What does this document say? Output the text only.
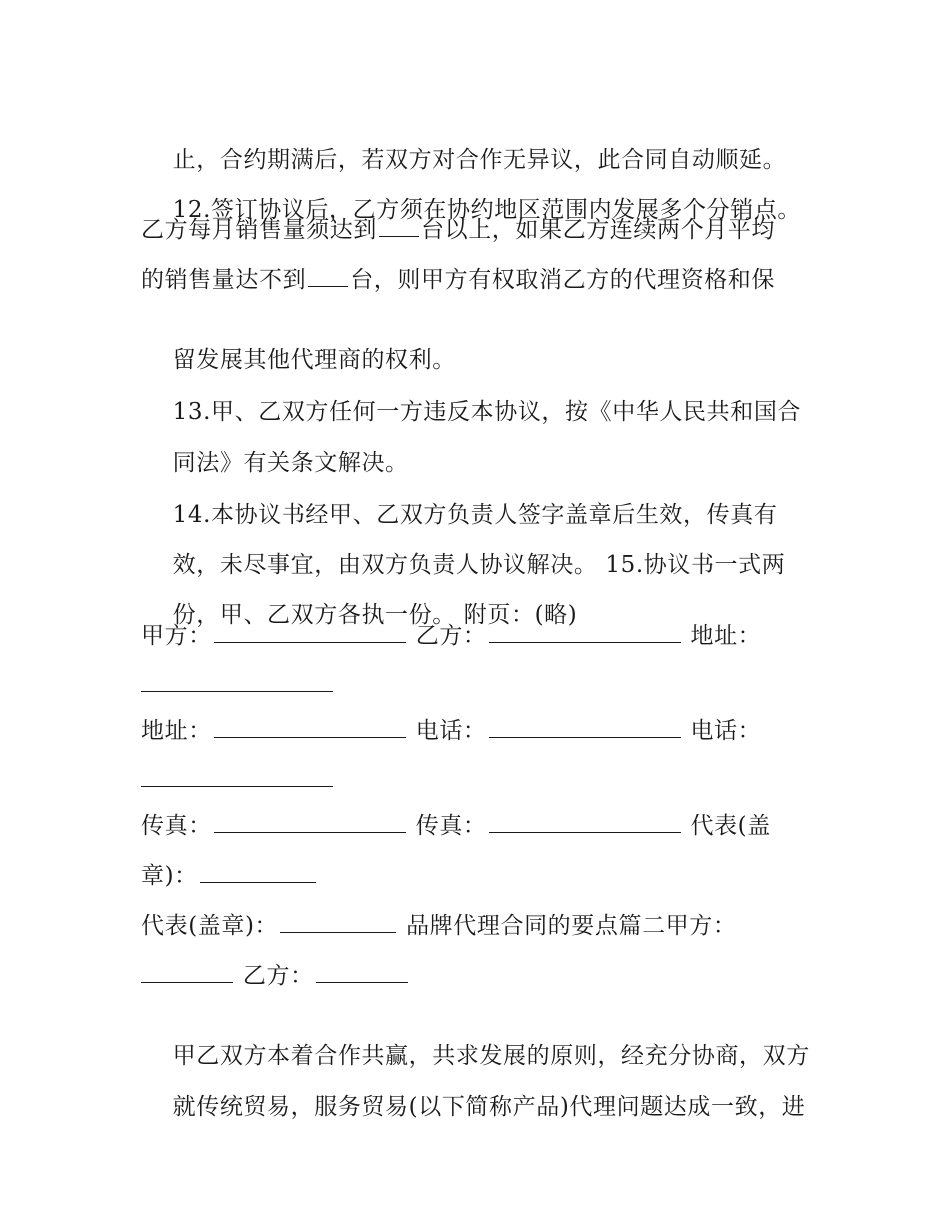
止，合约期满后，若双方对合作无异议，此合同自动顺延。

12.签订协议后，乙方须在协约地区范围内发展多个分销点。

乙方每月销售量须达到 台以上，如果乙方连续两个月平均
的销售量达不到 台，则甲方有权取消乙方的代理资格和保

留发展其他代理商的权利。

13.甲、乙双方任何一方违反本协议，按《中华人民共和国合

同法》有关条文解决。

14.本协议书经甲、乙双方负责人签字盖章后生效，传真有

效，未尽事宜，由双方负责人协议解决。 15.协议书一式两

份，甲、乙双方各执一份。 附页：(略)

甲方：	乙方：	地址：
地址：	电话：	电话：
传真：	传真：	代表(盖
章)：
代表(盖章)：	品牌代理合同的要点篇二甲方：
乙方：

甲乙双方本着合作共赢，共求发展的原则，经充分协商，双方

就传统贸易，服务贸易(以下简称产品)代理问题达成一致，进
